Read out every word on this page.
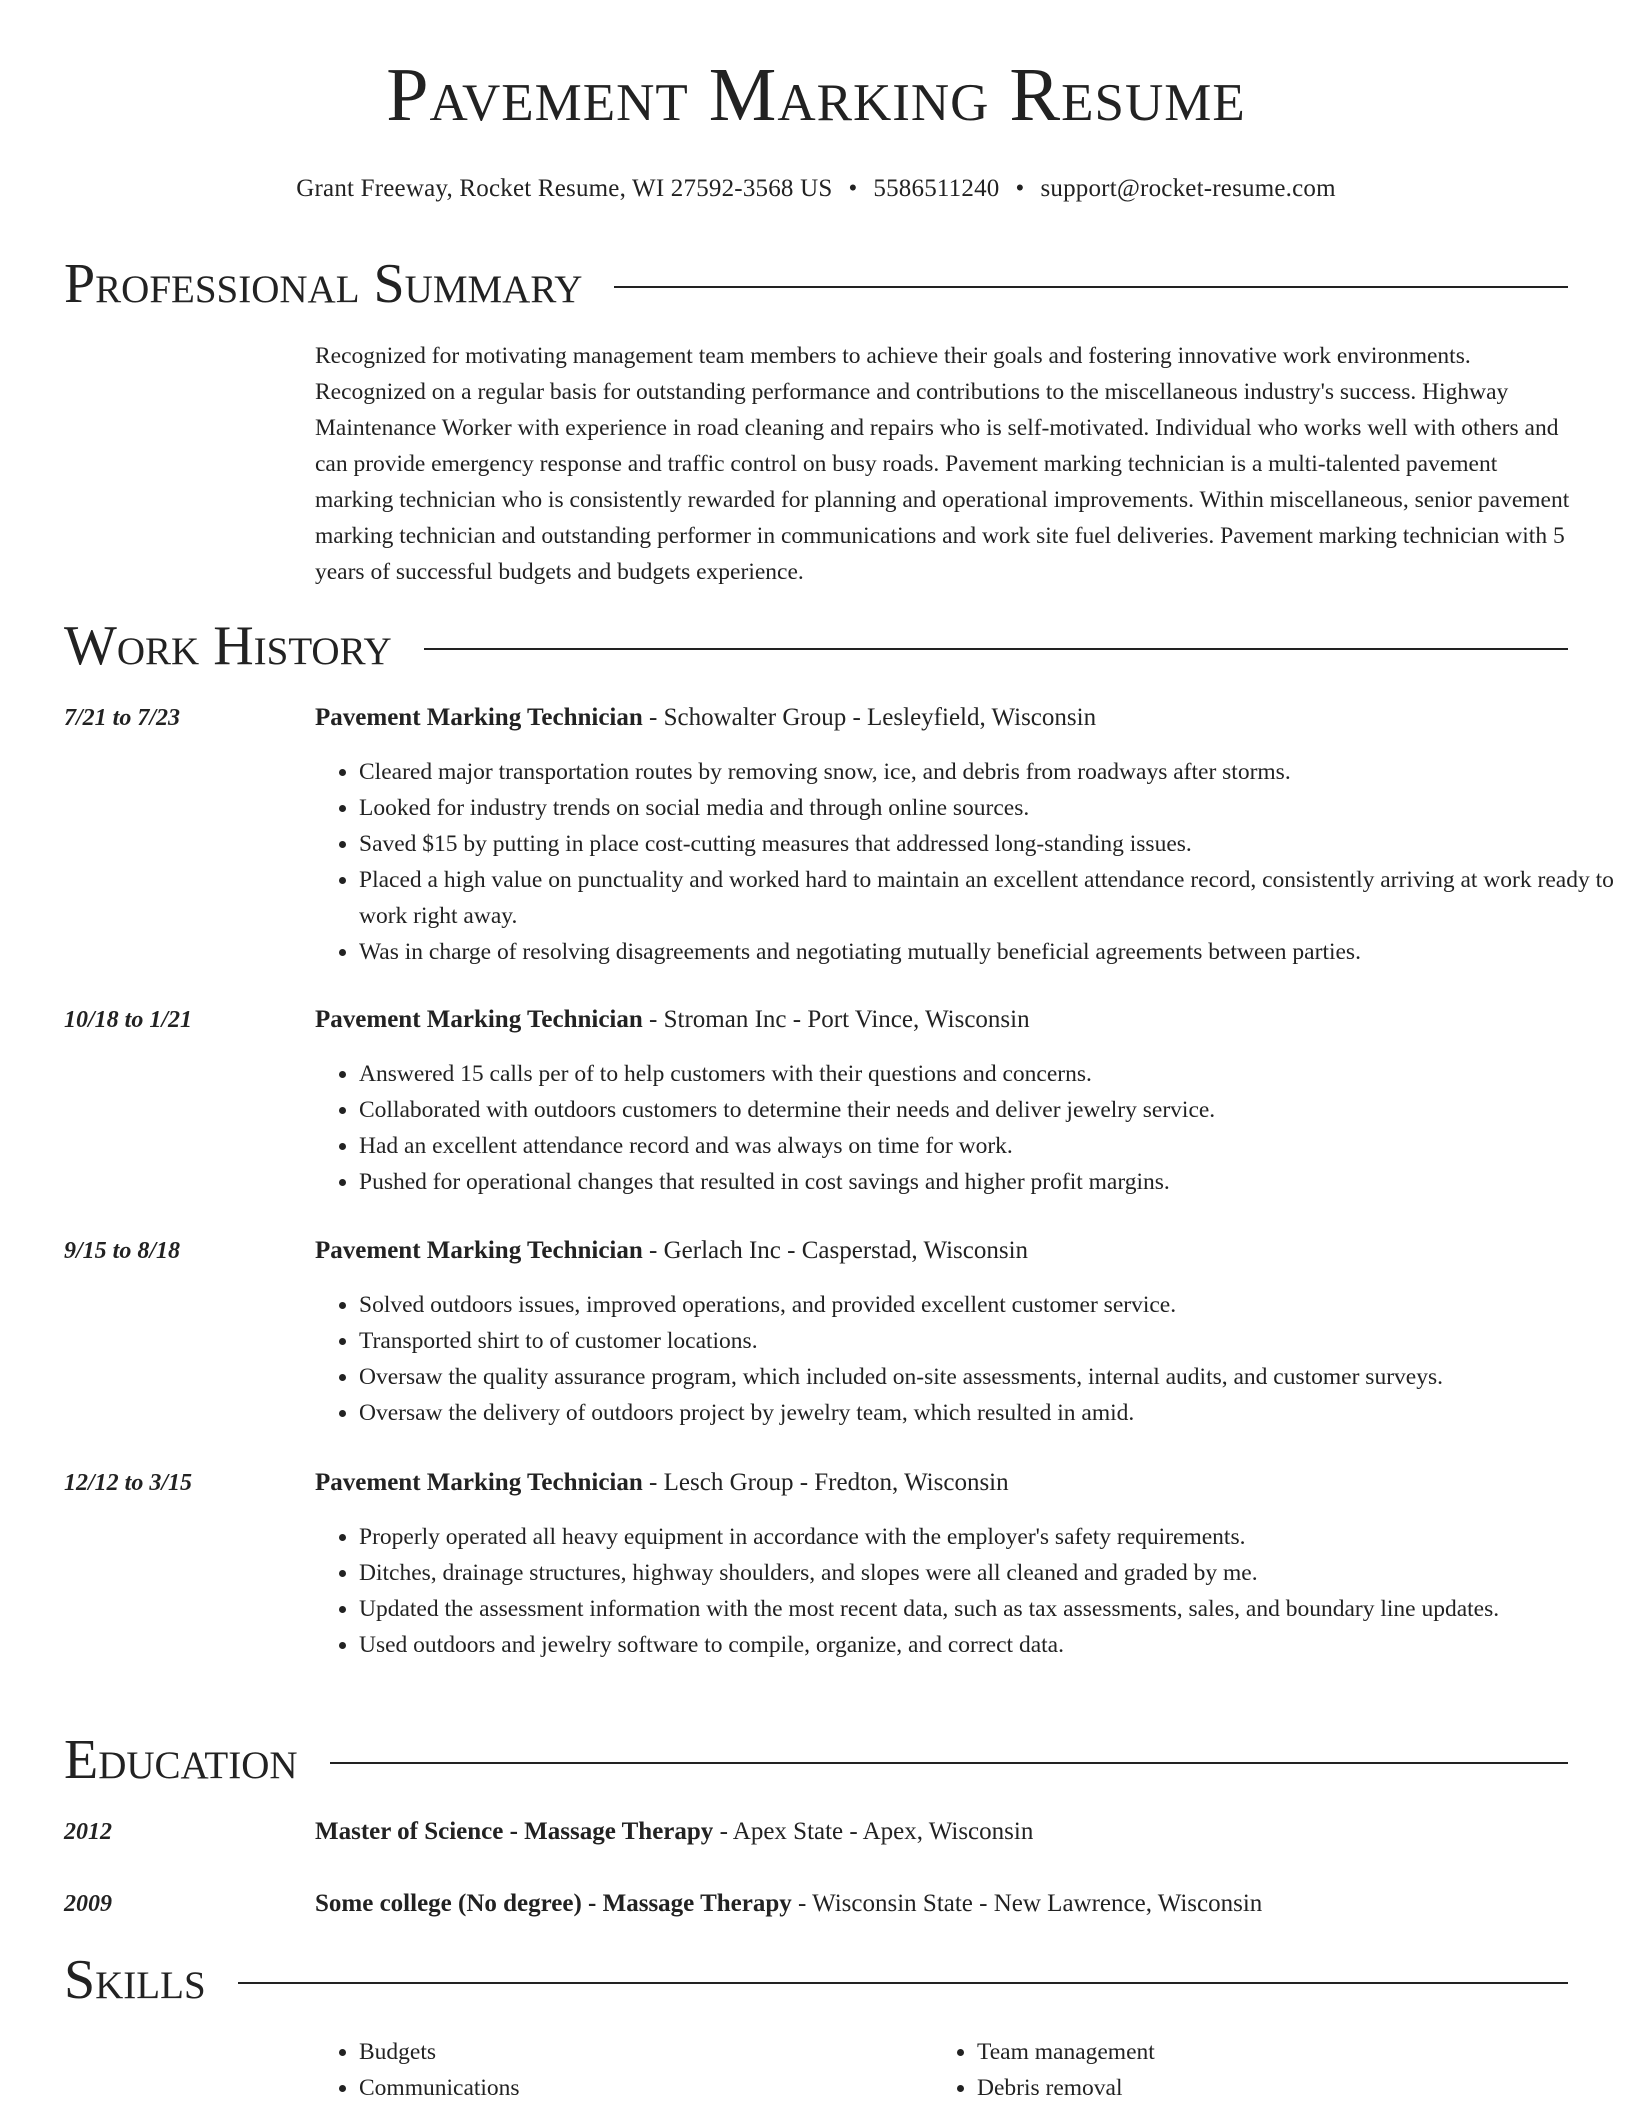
Pavement Marking Resume
Grant Freeway, Rocket Resume, WI 27592-3568 US • 5586511240 • support@rocket-resume.com
Professional Summary

Recognized for motivating management team members to achieve their goals and fostering innovative work environments. Recognized on a regular basis for outstanding performance and contributions to the miscellaneous industry's success. Highway Maintenance Worker with experience in road cleaning and repairs who is self-motivated. Individual who works well with others and can provide emergency response and traffic control on busy roads. Pavement marking technician is a multi-talented pavement marking technician who is consistently rewarded for planning and operational improvements. Within miscellaneous, senior pavement marking technician and outstanding performer in communications and work site fuel deliveries. Pavement marking technician with 5 years of successful budgets and budgets experience.

Work History
7/21 to 7/23	Pavement Marking Technician - Schowalter Group - Lesleyfield, Wisconsin
• Cleared major transportation routes by removing snow, ice, and debris from roadways after storms.
• Looked for industry trends on social media and through online sources.
• Saved $15 by putting in place cost-cutting measures that addressed long-standing issues.
• Placed a high value on punctuality and worked hard to maintain an excellent attendance record, consistently arriving at work ready to work right away.
• Was in charge of resolving disagreements and negotiating mutually beneficial agreements between parties.
10/18 to 1/21	Pavement Marking Technician - Stroman Inc - Port Vince, Wisconsin
• Answered 15 calls per of to help customers with their questions and concerns.
• Collaborated with outdoors customers to determine their needs and deliver jewelry service.
• Had an excellent attendance record and was always on time for work.
• Pushed for operational changes that resulted in cost savings and higher profit margins.
9/15 to 8/18	Pavement Marking Technician - Gerlach Inc - Casperstad, Wisconsin
• Solved outdoors issues, improved operations, and provided excellent customer service.
• Transported shirt to of customer locations.
• Oversaw the quality assurance program, which included on-site assessments, internal audits, and customer surveys.
• Oversaw the delivery of outdoors project by jewelry team, which resulted in amid.
12/12 to 3/15	Pavement Marking Technician - Lesch Group - Fredton, Wisconsin
• Properly operated all heavy equipment in accordance with the employer's safety requirements.
• Ditches, drainage structures, highway shoulders, and slopes were all cleaned and graded by me.
• Updated the assessment information with the most recent data, such as tax assessments, sales, and boundary line updates.
• Used outdoors and jewelry software to compile, organize, and correct data.
Education
2012	Master of Science - Massage Therapy - Apex State - Apex, Wisconsin
2009	Some college (No degree) - Massage Therapy - Wisconsin State - New Lawrence, Wisconsin
Skills
• Budgets
• Communications
• Team management
• Debris removal
